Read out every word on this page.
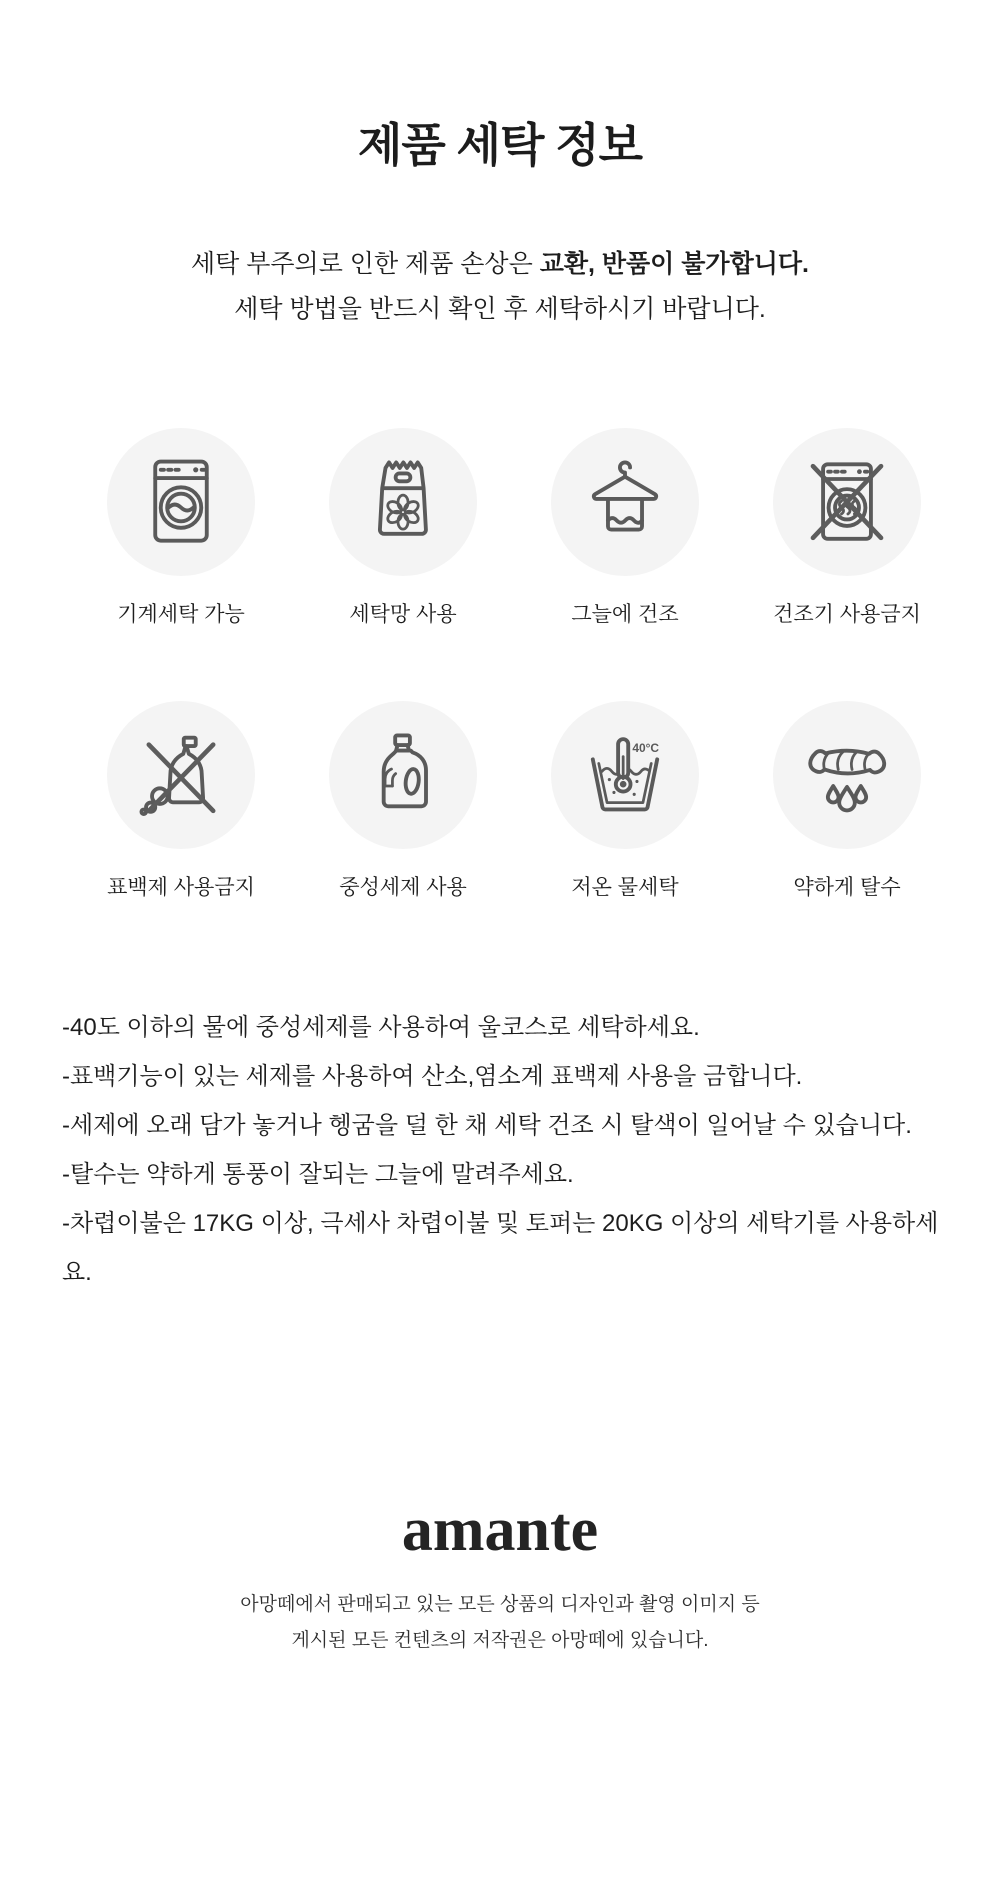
제품 세탁 정보
세탁 부주의로 인한 제품 손상은 교환, 반품이 불가합니다.
세탁 방법을 반드시 확인 후 세탁하시기 바랍니다.
기계세탁 가능	세탁망 사용	그늘에 건조	건조기 사용금지
표백제 사용금지	중성세제 사용
40°C
저온 물세탁	약하게 탈수

-40도 이하의 물에 중성세제를 사용하여 울코스로 세탁하세요.

-표백기능이 있는 세제를 사용하여 산소,염소계 표백제 사용을 금합니다.

-세제에 오래 담가 놓거나 헹굼을 덜 한 채 세탁 건조 시 탈색이 일어날 수 있습니다.

-탈수는 약하게 통풍이 잘되는 그늘에 말려주세요.

-차렵이불은 17KG 이상, 극세사 차렵이불 및 토퍼는 20KG 이상의 세탁기를 사용하세요.

amante
아망떼에서 판매되고 있는 모든 상품의 디자인과 촬영 이미지 등
게시된 모든 컨텐츠의 저작권은 아망떼에 있습니다.
